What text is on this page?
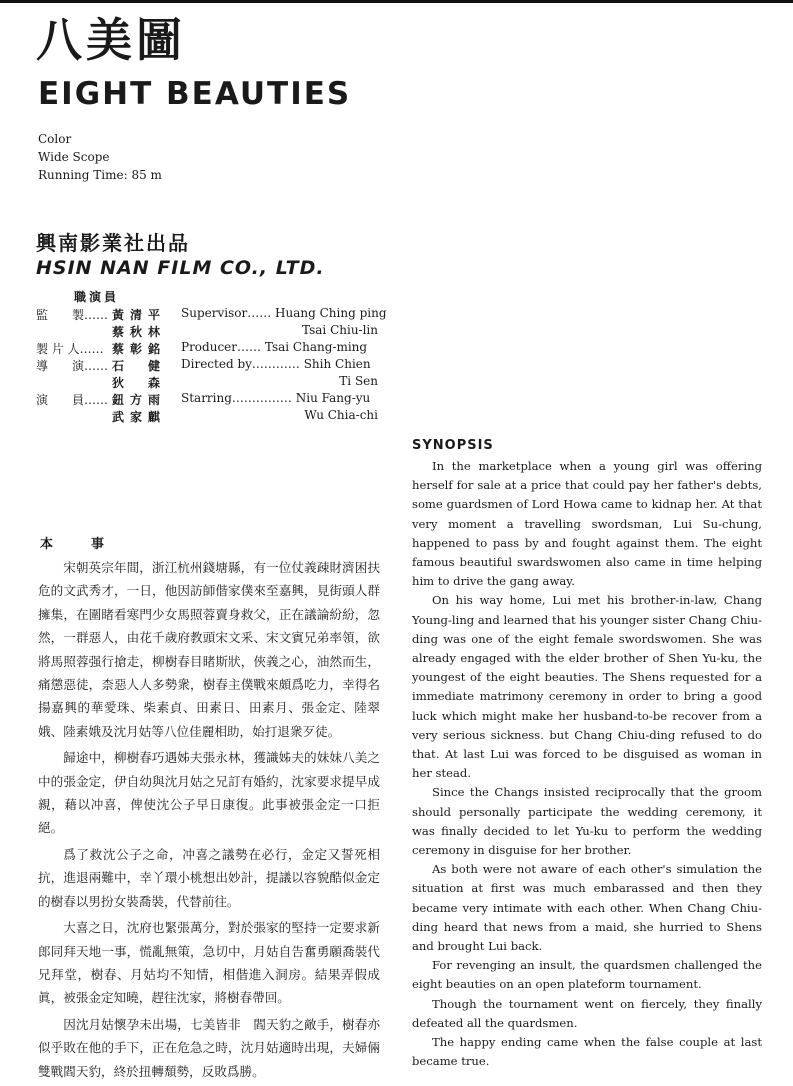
八美圖
EIGHT BEAUTIES
Color
Wide Scope
Running Time: 85 m
興南影業社出品
HSIN NAN FILM CO., LTD.
職演員
監　　製…… 黃清平 Supervisor…… Huang Ching ping
蔡秋林	Tsai Chiu-lin
製 片 人…… 蔡彰銘 Producer…… Tsai Chang-ming
導　　演…… 石　健 Directed by………… Shih Chien
狄　森	Ti Sen
演　　員…… 鈕方雨 Starring…………… Niu Fang-yu
武家麒	Wu Chia-chi
本事

宋朝英宗年間，浙江杭州錢塘縣，有一位仗義疎財濟困扶危的文武秀才，一日，他因訪師偕家僕來至嘉興，見街頭人群擁集，在圍睹看寒門少女馬照蓉賣身救父，正在議論紛紛，忽然，一群惡人，由花千歲府教頭宋文釆、宋文賓兄弟率領，欲將馬照蓉强行搶走，柳樹春目睹斯狀，俠義之心，油然而生，痛懲惡徒，柰惡人人多勢衆，樹春主僕戰來頗爲吃力，幸得名揚嘉興的華愛珠、柴素貞、田素日、田素月、張金定、陸翠娥、陸素娥及沈月姑等八位佳麗相助，始打退衆歹徒。

歸途中，柳樹春巧遇姊夫張永林，獲識姊夫的妹妹八美之中的張金定，伊自幼與沈月姑之兄訂有婚約，沈家要求提早成親，藉以冲喜，俾使沈公子早日康復。此事被張金定一口拒絕。

爲了救沈公子之命，冲喜之議勢在必行，金定又誓死相抗，進退兩難中，幸丫環小桃想出妙計，提議以容貌酷似金定的樹春以男扮女裝喬裝，代替前往。

大喜之日，沈府也緊張萬分，對於張家的堅持一定要求新郎同拜天地一事，慌亂無策，急切中，月姑自告奮勇願喬裝代兄拜堂，樹春、月姑均不知情，相偕進入洞房。結果弄假成眞，被張金定知曉，趕往沈家，將樹春帶回。

因沈月姑懷孕未出場，七美皆非　閻天豹之敵手，樹春亦似乎敗在他的手下，正在危急之時，沈月姑適時出現，夫婦倆雙戰閻天豹，終於扭轉頹勢，反敗爲勝。

SYNOPSIS

In the marketplace when a young girl was offering herself for sale at a price that could pay her father's debts, some guardsmen of Lord Howa came to kidnap her. At that very moment a travelling swordsman, Lui Su-chung, happened to pass by and fought against them. The eight famous beautiful swardswomen also came in time helping him to drive the gang away.

On his way home, Lui met his brother-in-law, Chang Young-ling and learned that his younger sister Chang Chiu-ding was one of the eight female swordswomen. She was already engaged with the elder brother of Shen Yu-ku, the youngest of the eight beauties. The Shens requested for a immediate matrimony ceremony in order to bring a good luck which might make her husband-to-be recover from a very serious sickness. but Chang Chiu-ding refused to do that. At last Lui was forced to be disguised as woman in her stead.

Since the Changs insisted reciprocally that the groom should personally participate the wedding ceremony, it was finally decided to let Yu-ku to perform the wedding ceremony in disguise for her brother.

As both were not aware of each other's simulation the situation at first was much embarassed and then they became very intimate with each other. When Chang Chiu-ding heard that news from a maid, she hurried to Shens and brought Lui back.

For revenging an insult, the quardsmen challenged the eight beauties on an open plateform tournament.

Though the tournament went on fiercely, they finally defeated all the quardsmen.

The happy ending came when the false couple at last became true.
